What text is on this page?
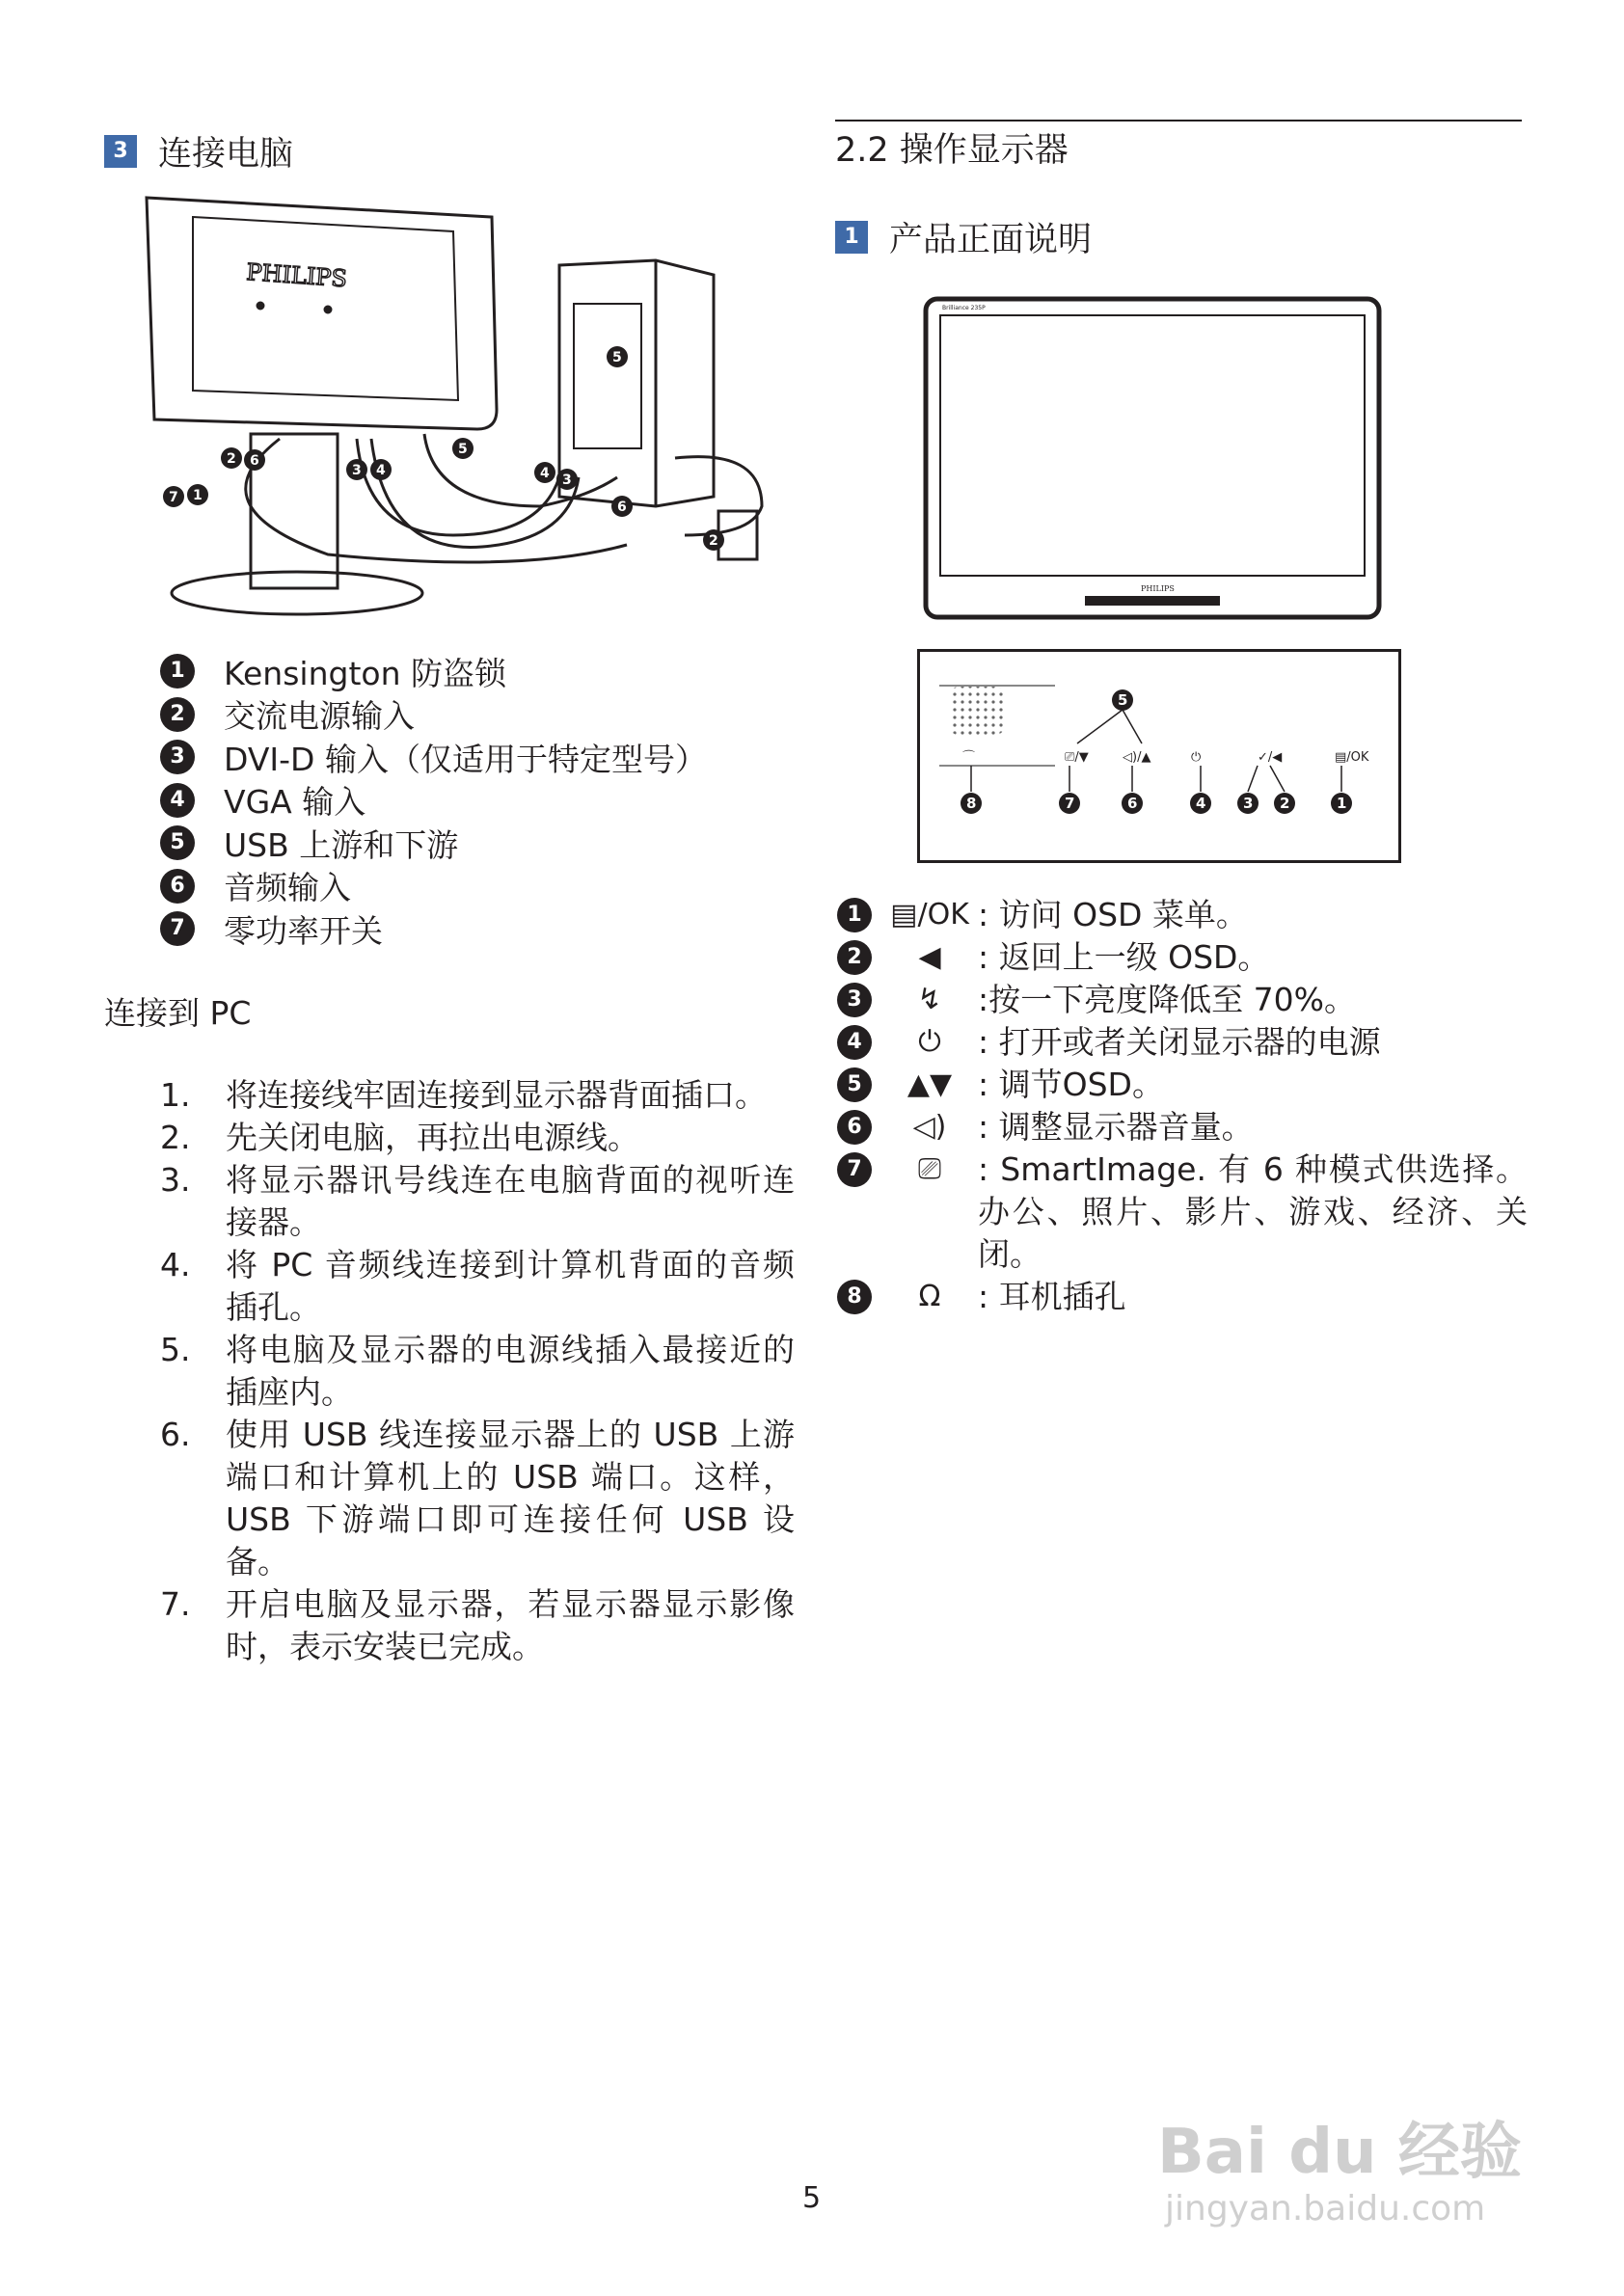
3 连接电脑
PHILIPS
2 6
3 4
7 1
5
5
4 3
6
2
1	Kensington 防盗锁
2	交流电源输入
3	DVI-D 输入（仅适用于特定型号）
4	VGA 输入
5	USB 上游和下游
6	音频输入
7	零功率开关
连接到 PC
1.	将连接线牢固连接到显示器背面插口。
2.	先关闭电脑，再拉出电源线。
3.	将显示器讯号线连在电脑背面的视听连接器。
4.	将 PC 音频线连接到计算机背面的音频插孔。
5.	将电脑及显示器的电源线插入最接近的插座内。
6.	使用 USB 线连接显示器上的 USB 上游端口和计算机上的 USB 端口。这样，USB 下游端口即可连接任何 USB 设备。
7.	开启电脑及显示器，若显示器显示影像时，表示安装已完成。
2.2 操作显示器
1 产品正面说明
Brilliance 235P
PHILIPS
⌒	⎚/▼	◁)/▲	⏻	✓/◀	▤/OK
5
8	7	6	4	3 2	1
1 ▤/OK : 访问 OSD 菜单。
2	◀	: 返回上一级 OSD。
3	↯	:按一下亮度降低至 70%。
4	⏻	: 打开或者关闭显示器的电源
5	▲▼ : 调节OSD。
6	◁) : 调整显示器音量。
7	⎚	: SmartImage. 有 6 种模式供选择。办公、照片、影片、游戏、经济、关闭。
8	Ω	: 耳机插孔
5
Bai du 经验
jingyan.baidu.com
